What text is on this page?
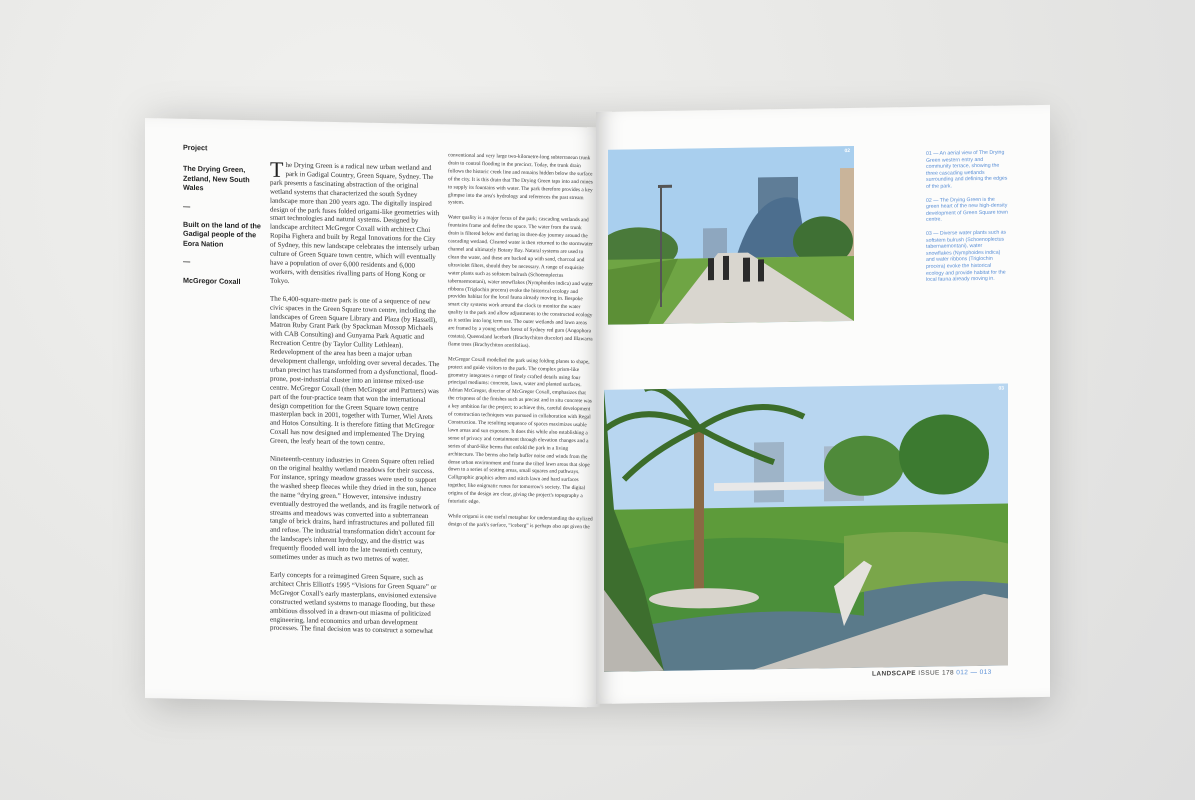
Project
The Drying Green, Zetland, New South Wales
—
Built on the land of the Gadigal people of the Eora Nation
—
McGregor Coxall

The Drying Green is a radical new urban wetland and park in Gadigal Country, Green Square, Sydney. The park presents a fascinating abstraction of the original wetland systems that characterized the south Sydney landscape more than 200 years ago. The digitally inspired design of the park fuses folded origami-like geometries with smart technologies and natural systems. Designed by landscape architect McGregor Coxall with architect Choi Ropiha Fighera and built by Regal Innovations for the City of Sydney, this new landscape celebrates the intensely urban culture of Green Square town centre, which will eventually have a population of over 6,000 residents and 6,000 workers, with densities rivalling parts of Hong Kong or Tokyo.

The 6,400-square-metre park is one of a sequence of new civic spaces in the Green Square town centre, including the landscapes of Green Square Library and Plaza (by Hassell), Matron Ruby Grant Park (by Spackman Mossop Michaels with CAB Consulting) and Gunyama Park Aquatic and Recreation Centre (by Taylor Cullity Lethlean). Redevelopment of the area has been a major urban development challenge, unfolding over several decades. The urban precinct has transformed from a dysfunctional, flood-prone, post-industrial cluster into an intense mixed-use centre. McGregor Coxall (then McGregor and Partners) was part of the four-practice team that won the international design competition for the Green Square town centre masterplan back in 2001, together with Turner, Wiel Arets and Hotos Consulting. It is therefore fitting that McGregor Coxall has now designed and implemented The Drying Green, the leafy heart of the town centre.

Nineteenth-century industries in Green Square often relied on the original healthy wetland meadows for their success. For instance, springy meadow grasses were used to support the washed sheep fleeces while they dried in the sun, hence the name “drying green.” However, intensive industry eventually destroyed the wetlands, and its fragile network of streams and meadows was converted into a subterranean tangle of brick drains, hard infrastructures and polluted fill and refuse. The industrial transformation didn't account for the landscape's inherent hydrology, and the district was frequently flooded well into the late twentieth century, sometimes under as much as two metres of water.

Early concepts for a reimagined Green Square, such as architect Chris Elliott's 1995 “Visions for Green Square” or McGregor Coxall's early masterplans, envisioned extensive constructed wetland systems to manage flooding, but these ambitious dissolved in a drawn-out miasma of politicized engineering, land economics and urban development processes. The final decision was to construct a somewhat

conventional and very large two-kilometre-long subterranean trunk drain to control flooding in the precinct. Today, the trunk drain follows the historic creek line and remains hidden below the surface of the city. It is this drain that The Drying Green taps into and mines to supply its fountains with water. The park therefore provides a key glimpse into the area's hydrology and references the past stream system.

Water quality is a major focus of the park; cascading wetlands and fountains frame and define the space. The water from the trunk drain is filtered below and during its three-day journey around the cascading wetland. Cleaned water is then returned to the stormwater channel and ultimately Botany Bay. Natural systems are used to clean the water, and these are backed up with sand, charcoal and ultraviolet filters, should they be necessary. A range of exquisite water plants such as softstem bulrush (Schoenoplectus tabernaemontani), water snowflakes (Nymphoides indica) and water ribbons (Triglochin procera) evoke the historical ecology and provides habitat for the local fauna already moving in. Bespoke smart city systems work around the clock to monitor the water quality in the park and allow adjustments to the constructed ecology as it settles into long term use. The outer wetlands and lawn areas are framed by a young urban forest of Sydney red gum (Angophora costata), Queensland lacebark (Brachychiton discolor) and Illawarra flame trees (Brachychiton acerifolius).

McGregor Coxall modelled the park using folding planes to shape, protect and guide visitors to the park. The complex prism-like geometry integrates a range of finely crafted details using four principal mediums: concrete, lawn, water and planted surfaces. Adrian McGregor, director of McGregor Coxall, emphasizes that the crispness of the finishes such as precast and in situ concrete was a key ambition for the project; to achieve this, careful development of construction techniques was pursued in collaboration with Regal Construction. The resulting sequence of spaces maximizes usable lawn areas and sun exposure. It does this while also establishing a sense of privacy and containment through elevation changes and a series of shard-like berms that enfold the park in a living architecture. The berms also help buffer noise and winds from the dense urban environment and frame the tilted lawn areas that slope down to a series of seating areas, small squares and pathways. Calligraphic graphics adorn and stitch lawn and hard surfaces together, like enigmatic runes for tomorrow's society. The digital origins of the design are clear, giving the project's topography a futuristic edge.

While origami is one useful metaphor for understanding the stylized design of the park's surface, “iceberg” is perhaps also apt given the

02	01 — An aerial view of The Drying Green western entry and community terrace, showing the three cascading wetlands surrounding and defining the edges of the park.

02 — The Drying Green is the green heart of the new high-density development of Green Square town centre.

03 — Diverse water plants such as softstem bulrush (Schoenoplectus tabernaemontani), water snowflakes (Nymphoides indica) and water ribbons (Triglochin procera) evoke the historical ecology and provide habitat for the local fauna already moving in.

03
LANDSCAPE ISSUE 178 012 — 013
